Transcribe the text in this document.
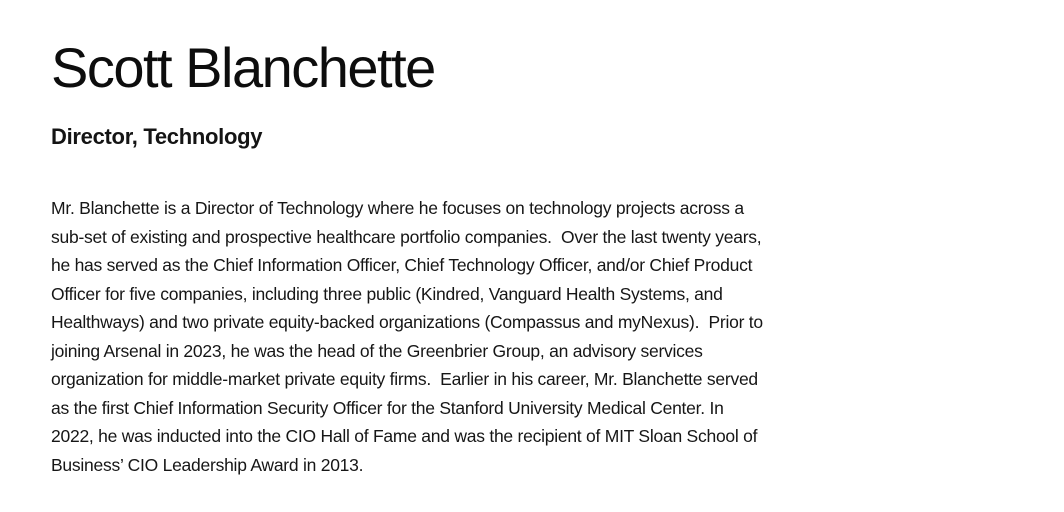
Scott Blanchette
Director, Technology
Mr. Blanchette is a Director of Technology where he focuses on technology projects across a
sub-set of existing and prospective healthcare portfolio companies.  Over the last twenty years,
he has served as the Chief Information Officer, Chief Technology Officer, and/or Chief Product
Officer for five companies, including three public (Kindred, Vanguard Health Systems, and
Healthways) and two private equity-backed organizations (Compassus and myNexus).  Prior to
joining Arsenal in 2023, he was the head of the Greenbrier Group, an advisory services
organization for middle-market private equity firms.  Earlier in his career, Mr. Blanchette served
as the first Chief Information Security Officer for the Stanford University Medical Center. In
2022, he was inducted into the CIO Hall of Fame and was the recipient of MIT Sloan School of
Business’ CIO Leadership Award in 2013.
